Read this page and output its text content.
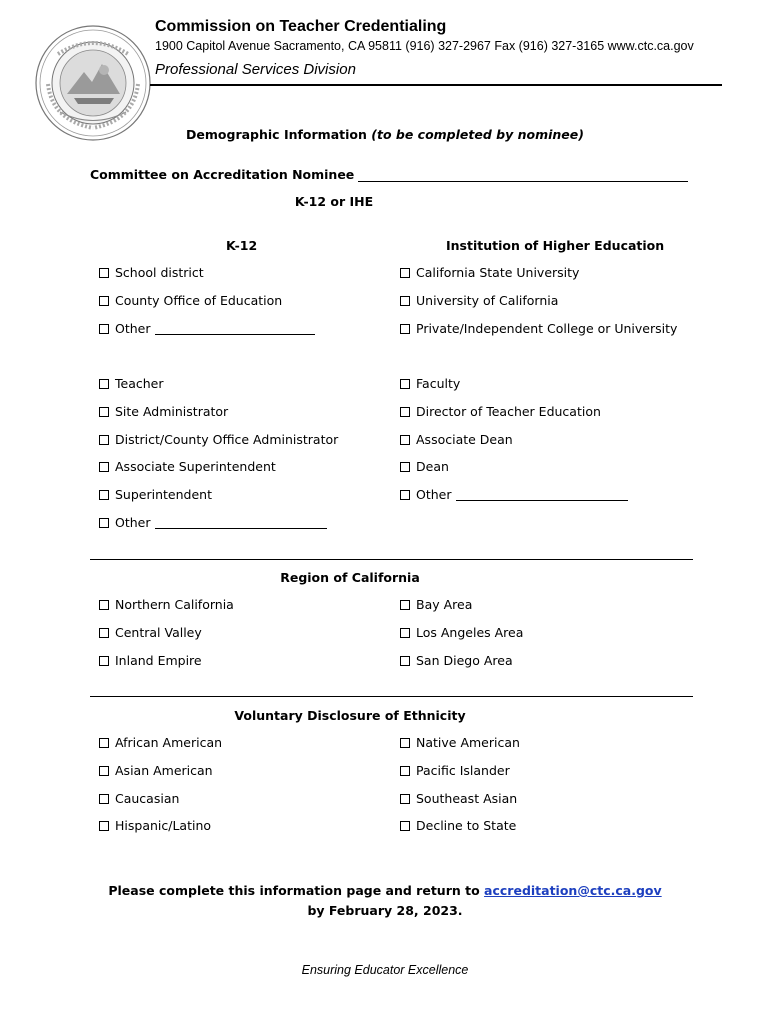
Commission on Teacher Credentialing
1900 Capitol Avenue Sacramento, CA 95811 (916) 327-2967 Fax (916) 327-3165 www.ctc.ca.gov
Professional Services Division
Demographic Information (to be completed by nominee)
Committee on Accreditation Nominee
K-12 or IHE
K-12	Institution of Higher Education
School district
County Office of Education
Other
California State University
University of California
Private/Independent College or University
Teacher
Site Administrator
District/County Office Administrator
Associate Superintendent
Superintendent
Other
Faculty
Director of Teacher Education
Associate Dean
Dean
Other
Region of California
Northern California
Central Valley
Inland Empire
Bay Area
Los Angeles Area
San Diego Area
Voluntary Disclosure of Ethnicity
African American
Asian American
Caucasian
Hispanic/Latino
Native American
Pacific Islander
Southeast Asian
Decline to State
Please complete this information page and return to accreditation@ctc.ca.gov
by February 28, 2023.
Ensuring Educator Excellence
